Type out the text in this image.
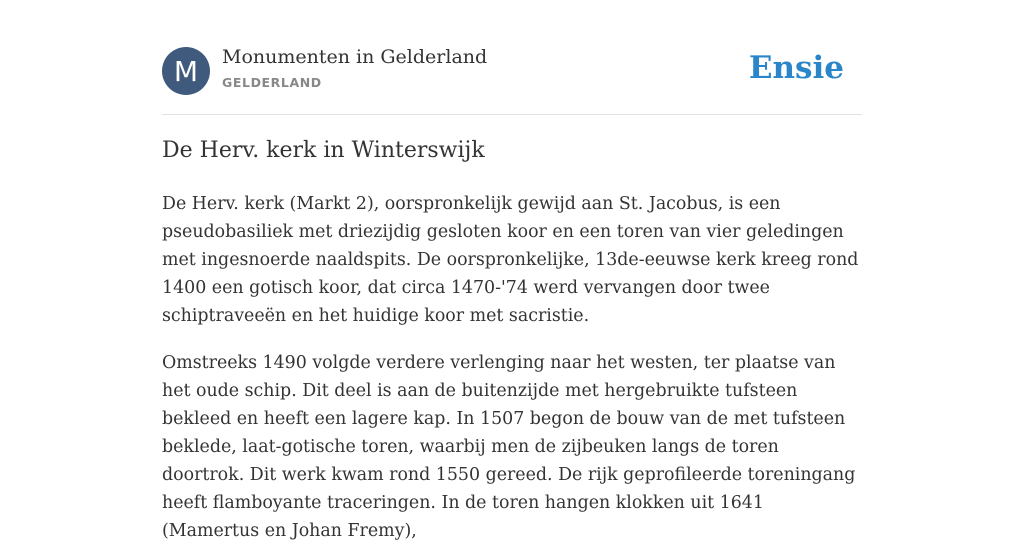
M	Monumenten in Gelderland
GELDERLAND	Ensie
De Herv. kerk in Winterswijk

De Herv. kerk (Markt 2), oorspronkelijk gewijd aan St. Jacobus, is een pseudobasiliek met driezijdig gesloten koor en een toren van vier geledingen met ingesnoerde naaldspits. De oorspronkelijke, 13de-eeuwse kerk kreeg rond 1400 een gotisch koor, dat circa 1470-'74 werd vervangen door twee schiptraveeën en het huidige koor met sacristie.

Omstreeks 1490 volgde verdere verlenging naar het westen, ter plaatse van het oude schip. Dit deel is aan de buitenzijde met hergebruikte tufsteen bekleed en heeft een lagere kap. In 1507 begon de bouw van de met tufsteen beklede, laat-gotische toren, waarbij men de zijbeuken langs de toren doortrok. Dit werk kwam rond 1550 gereed. De rijk geprofileerde toreningang heeft flamboyante traceringen. In de toren hangen klokken uit 1641 (Mamertus en Johan Fremy),
